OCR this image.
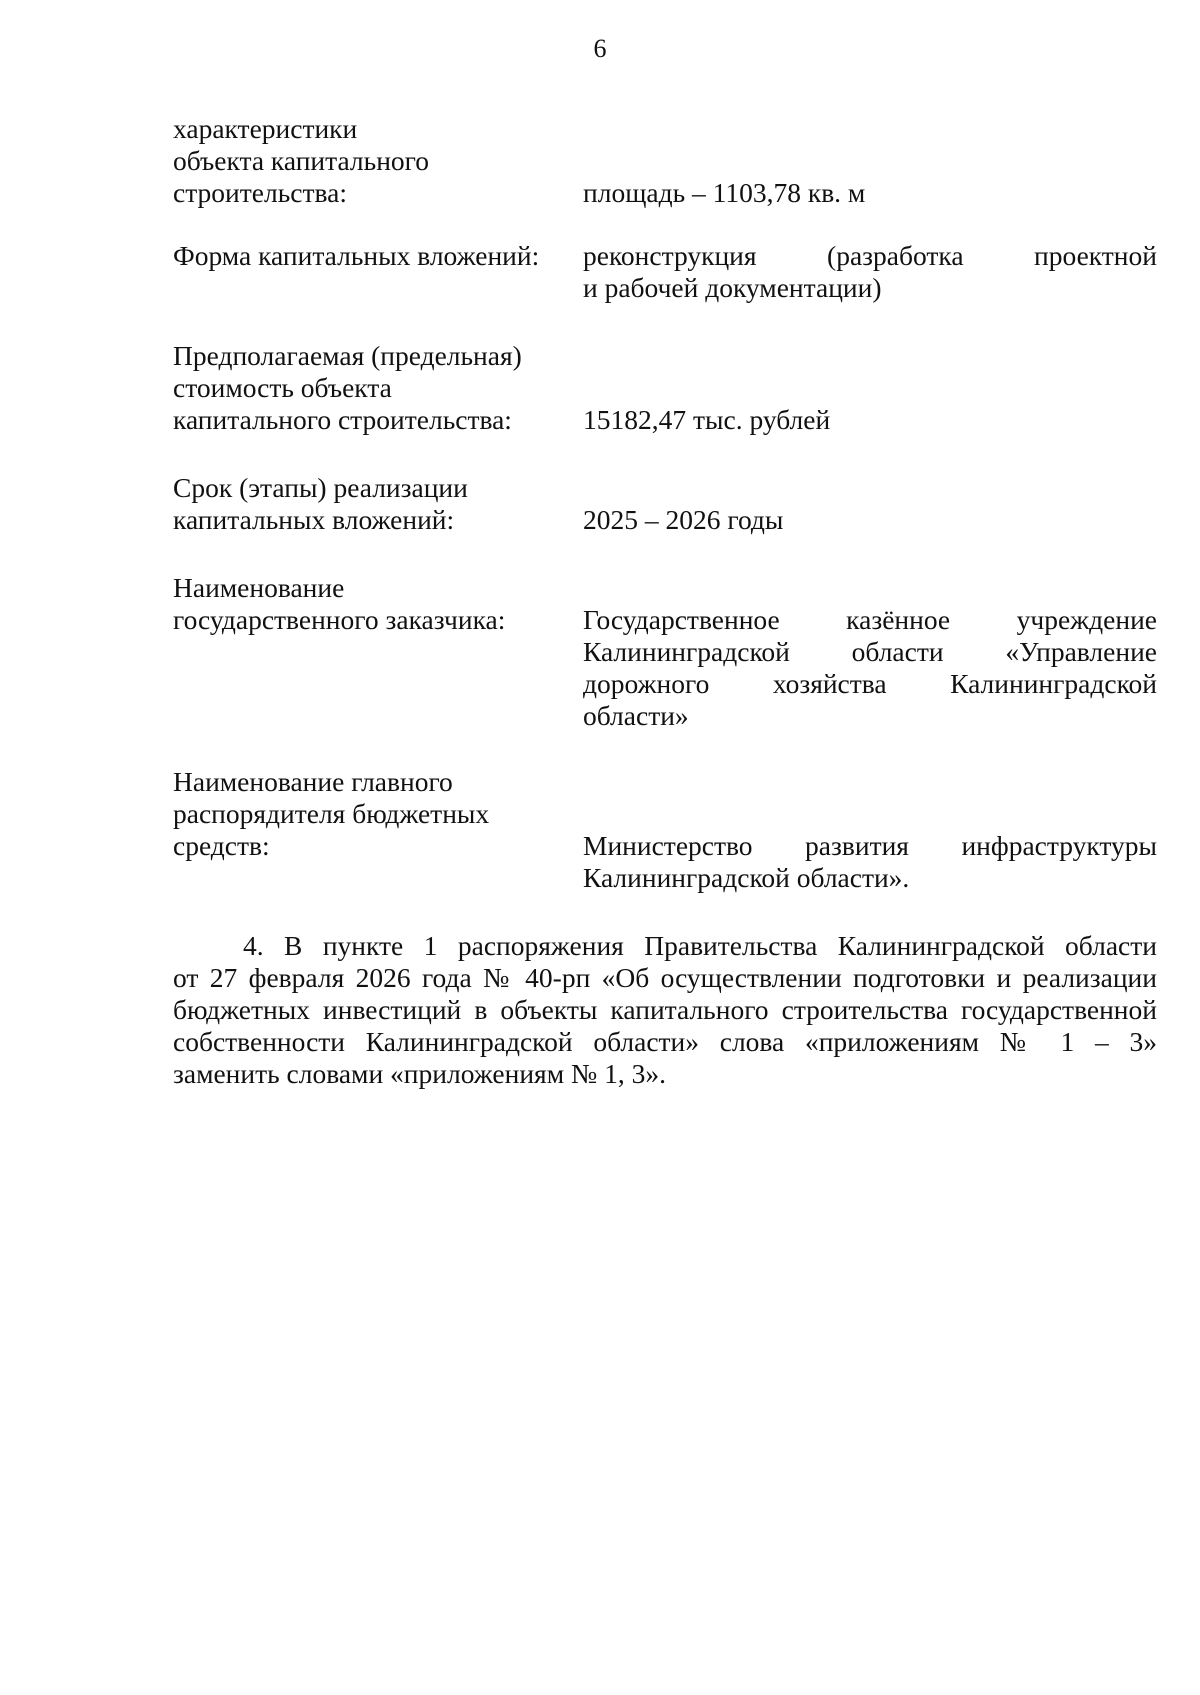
6
характеристики
объекта капитального
строительства:	площадь – 1103,78 кв. м
Форма капитальных вложений:	реконструкция (разработка проектной
и рабочей документации)
Предполагаемая (предельная)
стоимость объекта
капитального строительства:	15182,47 тыс. рублей
Срок (этапы) реализации
капитальных вложений:	2025 – 2026 годы
Наименование
государственного заказчика:	Государственное казённое учреждение
Калининградской области «Управление
дорожного хозяйства Калининградской
области»
Наименование главного
распорядителя бюджетных
средств:	Министерство развития инфраструктуры
Калининградской области».
4. В пункте 1 распоряжения Правительства Калининградской области
от 27 февраля 2026 года № 40-рп «Об осуществлении подготовки и реализации
бюджетных инвестиций в объекты капитального строительства государственной
собственности Калининградской области» слова «приложениям № 1 – 3»
заменить словами «приложениям № 1, 3».
